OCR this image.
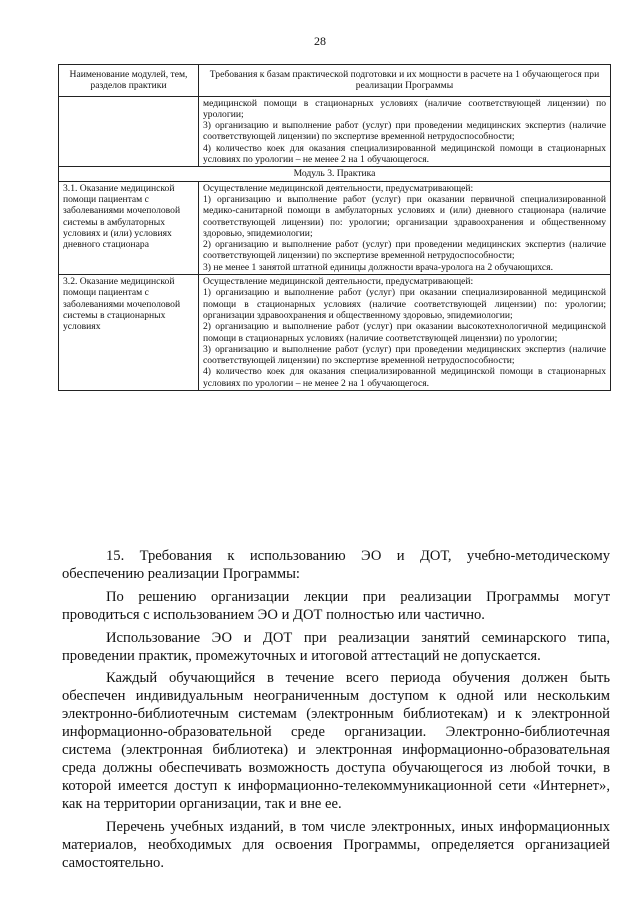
28
Наименование модулей, тем, разделов практики	Требования к базам практической подготовки и их мощности в расчете на 1 обучающегося при реализации Программы

	медицинской помощи в стационарных условиях (наличие соответствующей лицензии) по урологии;

3) организацию и выполнение работ (услуг) при проведении медицинских экспертиз (наличие соответствующей лицензии) по экспертизе временной нетрудоспособности;

4) количество коек для оказания специализированной медицинской помощи в стационарных условиях по урологии – не менее 2 на 1 обучающегося.

Модуль 3. Практика	

3.1. Оказание медицинской помощи пациентам с заболеваниями мочеполовой системы в амбулаторных условиях и (или) условиях дневного стационара	Осуществление медицинской деятельности, предусматривающей:

1) организацию и выполнение работ (услуг) при оказании первичной специализированной медико-санитарной помощи в амбулаторных условиях и (или) дневного стационара (наличие соответствующей лицензии) по: урологии; организации здравоохранения и общественному здоровью, эпидемиологии;

2) организацию и выполнение работ (услуг) при проведении медицинских экспертиз (наличие соответствующей лицензии) по экспертизе временной нетрудоспособности;

3) не менее 1 занятой штатной единицы должности врача-уролога на 2 обучающихся.

3.2. Оказание медицинской помощи пациентам с заболеваниями мочеполовой системы в стационарных условиях	Осуществление медицинской деятельности, предусматривающей:

1) организацию и выполнение работ (услуг) при оказании специализированной медицинской помощи в стационарных условиях (наличие соответствующей лицензии) по: урологии; организации здравоохранения и общественному здоровью, эпидемиологии;

2) организацию и выполнение работ (услуг) при оказании высокотехнологичной медицинской помощи в стационарных условиях (наличие соответствующей лицензии) по урологии;

3) организацию и выполнение работ (услуг) при проведении медицинских экспертиз (наличие соответствующей лицензии) по экспертизе временной нетрудоспособности;

4) количество коек для оказания специализированной медицинской помощи в стационарных условиях по урологии – не менее 2 на 1 обучающегося.

15. Требования к использованию ЭО и ДОТ, учебно-методическому обеспечению реализации Программы:

По решению организации лекции при реализации Программы могут проводиться с использованием ЭО и ДОТ полностью или частично.

Использование ЭО и ДОТ при реализации занятий семинарского типа, проведении практик, промежуточных и итоговой аттестаций не допускается.

Каждый обучающийся в течение всего периода обучения должен быть обеспечен индивидуальным неограниченным доступом к одной или нескольким электронно-библиотечным системам (электронным библиотекам) и к электронной информационно-образовательной среде организации. Электронно-библиотечная система (электронная библиотека) и электронная информационно-образовательная среда должны обеспечивать возможность доступа обучающегося из любой точки, в которой имеется доступ к информационно-телекоммуникационной сети «Интернет», как на территории организации, так и вне ее.

Перечень учебных изданий, в том числе электронных, иных информационных материалов, необходимых для освоения Программы, определяется организацией самостоятельно.
